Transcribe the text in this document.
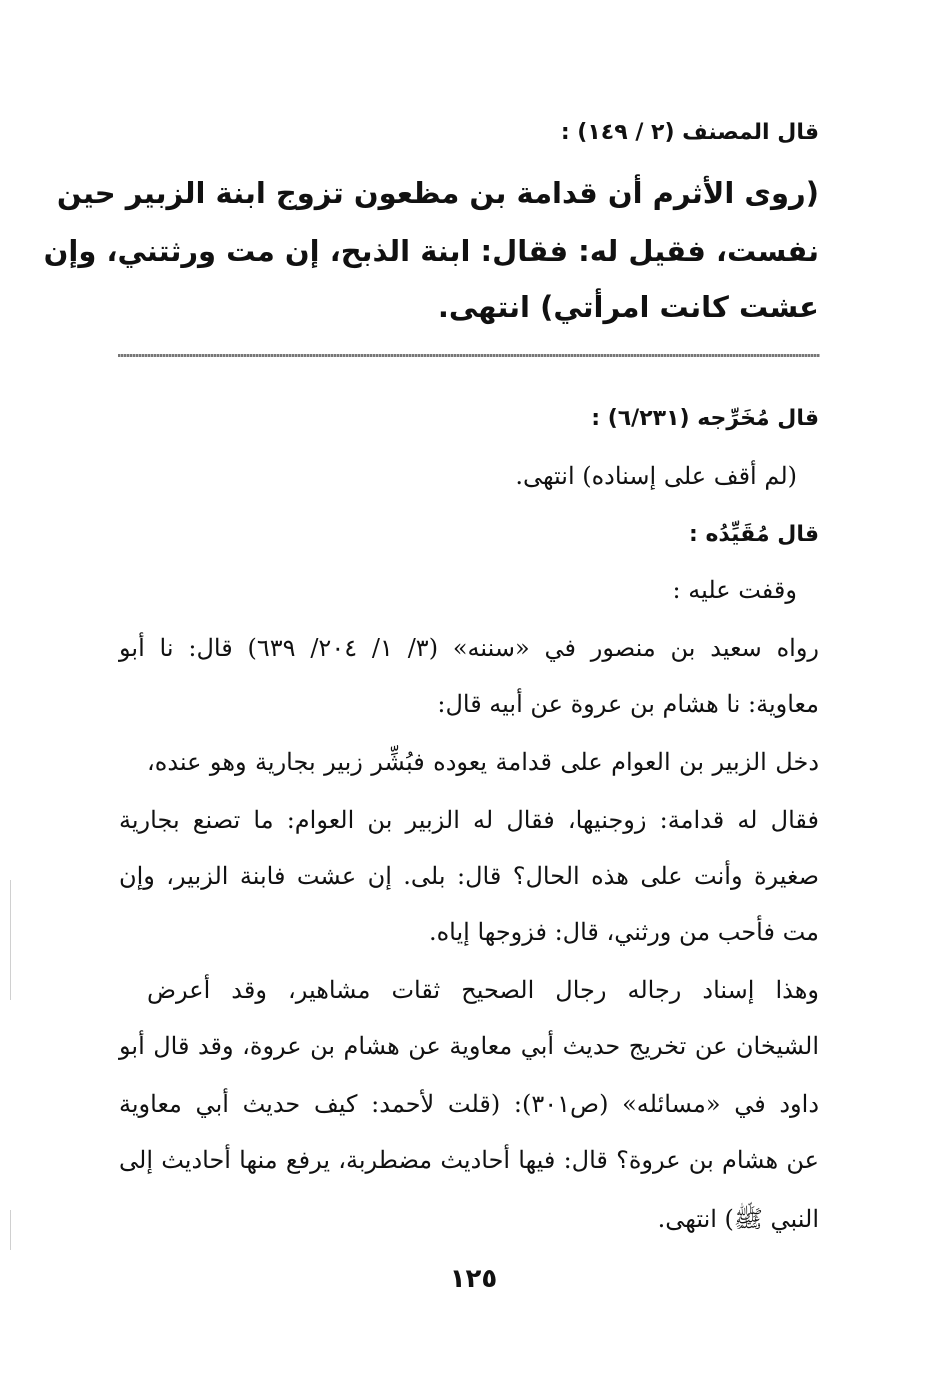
قال المصنف (٢ / ١٤٩) :
(روى الأثرم أن قدامة بن مظعون تزوج ابنة الزبير حين
نفست، فقيل له: فقال: ابنة الذبح، إن مت ورثتني، وإن
عشت كانت امرأتي) انتهى.
قال مُخَرِّجه (٦/٢٣١) :
(لم أقف على إسناده) انتهى.
قال مُقَيِّدُه :
وقفت عليه :
رواه سعيد بن منصور في «سننه» (٣/ ١/ ٢٠٤/ ٦٣٩) قال: نا أبو
معاوية: نا هشام بن عروة عن أبيه قال:
دخل الزبير بن العوام على قدامة يعوده فبُشِّر زبير بجارية وهو عنده،
فقال له قدامة: زوجنيها، فقال له الزبير بن العوام: ما تصنع بجارية
صغيرة وأنت على هذه الحال؟ قال: بلى. إن عشت فابنة الزبير، وإن
مت فأحب من ورثني، قال: فزوجها إياه.
وهذا إسناد رجاله رجال الصحيح ثقات مشاهير، وقد أعرض
الشيخان عن تخريج حديث أبي معاوية عن هشام بن عروة، وقد قال أبو
داود في «مسائله» (ص٣٠١): (قلت لأحمد: كيف حديث أبي معاوية
عن هشام بن عروة؟ قال: فيها أحاديث مضطربة، يرفع منها أحاديث إلى
النبي ﷺ) انتهى.
١٢٥
